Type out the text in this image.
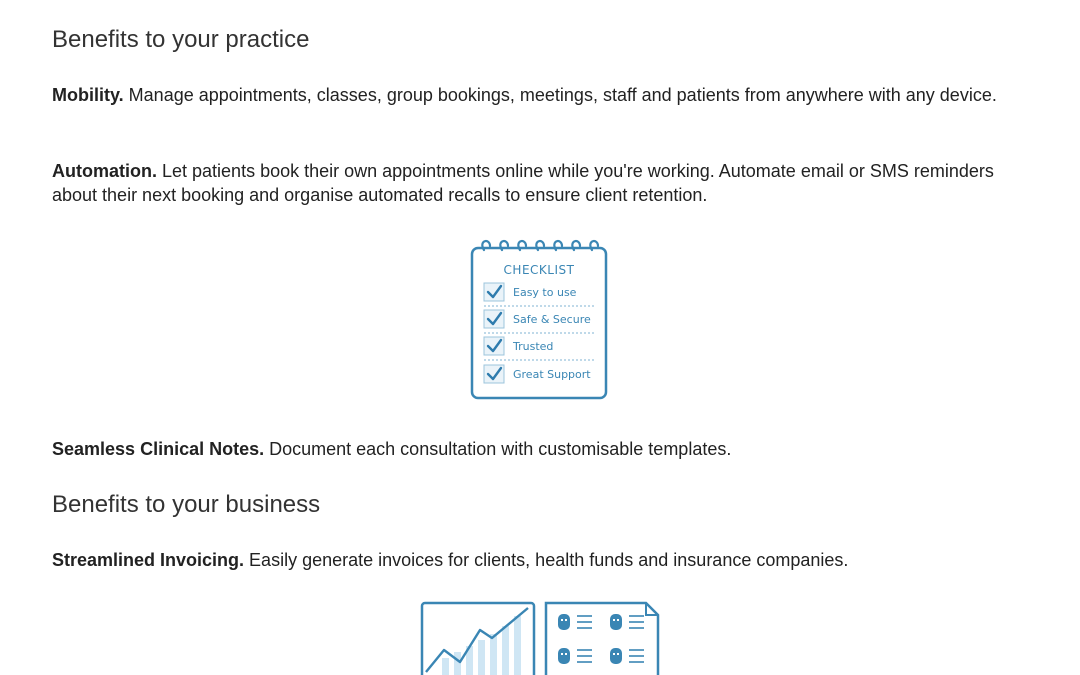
Benefits to your practice

Mobility. Manage appointments, classes, group bookings, meetings, staff and patients from anywhere with any device.

Automation. Let patients book their own appointments online while you're working. Automate email or SMS reminders about their next booking and organise automated recalls to ensure client retention.

Seamless Clinical Notes. Document each consultation with customisable templates.

Benefits to your business

Streamlined Invoicing. Easily generate invoices for clients, health funds and insurance companies.

CHECKLIST
Easy to use
Safe & Secure
Trusted
Great Support
